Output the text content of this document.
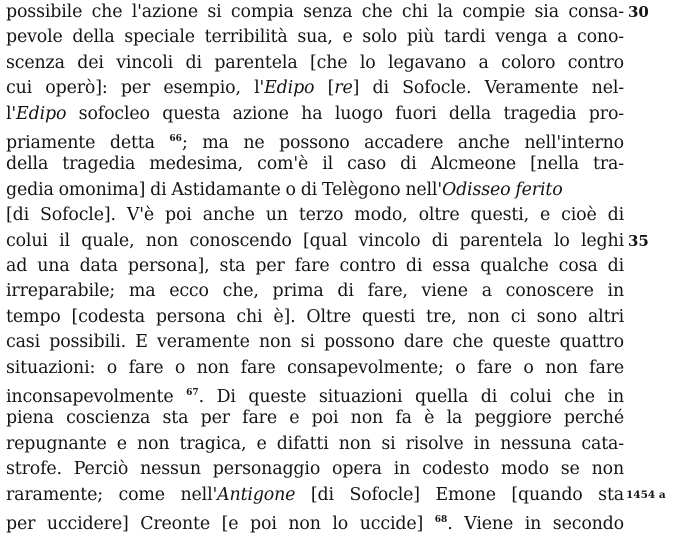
possibile che l'azione si compia senza che chi la compie sia consa-
pevole della speciale terribilità sua, e solo più tardi venga a cono-
scenza dei vincoli di parentela [che lo legavano a coloro contro
cui operò]: per esempio, l'Edipo [re] di Sofocle. Veramente nel-
l'Edipo sofocleo questa azione ha luogo fuori della tragedia pro-
priamente detta $^{66}$; ma ne possono accadere anche nell'interno
della tragedia medesima, com'è il caso di Alcmeone [nella tra-
gedia omonima] di Astidamante o di Telègono nell'Odisseo ferito
[di Sofocle]. V'è poi anche un terzo modo, oltre questi, e cioè di
colui il quale, non conoscendo [qual vincolo di parentela lo leghi
ad una data persona], sta per fare contro di essa qualche cosa di
irreparabile; ma ecco che, prima di fare, viene a conoscere in
tempo [codesta persona chi è]. Oltre questi tre, non ci sono altri
casi possibili. E veramente non si possono dare che queste quattro
situazioni: o fare o non fare consapevolmente; o fare o non fare
inconsapevolmente $^{67}$. Di queste situazioni quella di colui che in
piena coscienza sta per fare e poi non fa è la peggiore perché
repugnante e non tragica, e difatti non si risolve in nessuna cata-
strofe. Perciò nessun personaggio opera in codesto modo se non
raramente; come nell'Antigone [di Sofocle] Emone [quando sta
per uccidere] Creonte [e poi non lo uccide] $^{68}$. Viene in secondo
30
35
1454 a
